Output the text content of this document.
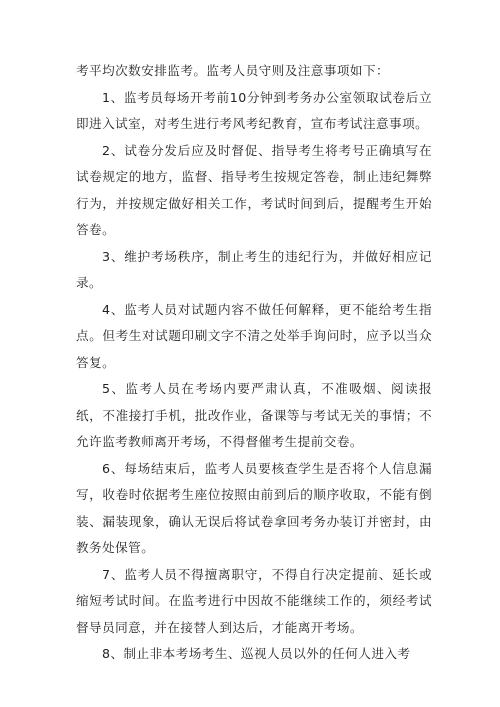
考平均次数安排监考。监考人员守则及注意事项如下：

1、监考员每场开考前10分钟到考务办公室领取试卷后立即进入试室，对考生进行考风考纪教育，宣布考试注意事项。

2、试卷分发后应及时督促、指导考生将考号正确填写在试卷规定的地方，监督、指导考生按规定答卷，制止违纪舞弊行为，并按规定做好相关工作，考试时间到后，提醒考生开始答卷。

3、维护考场秩序，制止考生的违纪行为，并做好相应记录。

4、监考人员对试题内容不做任何解释，更不能给考生指点。但考生对试题印刷文字不清之处举手询问时，应予以当众答复。

5、监考人员在考场内要严肃认真，不准吸烟、阅读报纸，不准接打手机，批改作业，备课等与考试无关的事情；不允许监考教师离开考场，不得督催考生提前交卷。

6、每场结束后，监考人员要核查学生是否将个人信息漏写，收卷时依据考生座位按照由前到后的顺序收取，不能有倒装、漏装现象，确认无误后将试卷拿回考务办装订并密封，由教务处保管。

7、监考人员不得擅离职守，不得自行决定提前、延长或缩短考试时间。在监考进行中因故不能继续工作的，须经考试督导员同意，并在接替人到达后，才能离开考场。

8、制止非本考场考生、巡视人员以外的任何人进入考
